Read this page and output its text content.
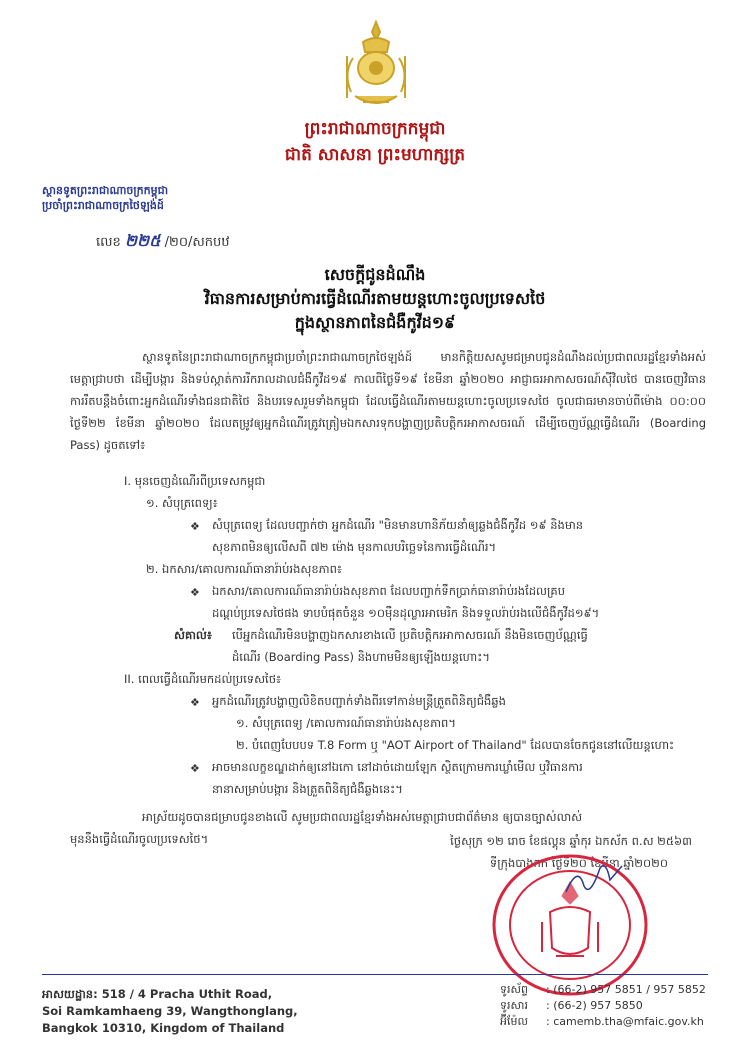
ព្រះរាជាណាចក្រកម្ពុជា
ជាតិ សាសនា ព្រះមហាក្សត្រ
ស្ថានទូតព្រះរាជាណាចក្រកម្ពុជា
ប្រចាំព្រះរាជាណាចក្រថៃឡង់ដ៍
លេខ ២២៥ /២០/សកបឋ
សេចក្ដីជូនដំណឹង
វិធានការសម្រាប់ការធ្វើដំណើរតាមយន្តហោះចូលប្រទេសថៃ
ក្នុងស្ថានភាពនៃជំងឺកូវីដ១៩
ស្ថានទូតនៃព្រះរាជាណាចក្រកម្ពុជាប្រចាំព្រះរាជាណាចក្រថៃឡង់ដ៍ មានកិត្តិយសសូមជម្រាបជូនដំណឹងដល់ប្រជាពលរដ្ឋខ្មែរទាំងអស់ មេត្តាជ្រាបថា ដើម្បីបង្ការ និងទប់ស្កាត់ការរីករាលដាលជំងឺកូវីដ១៩ កាលពីថ្ងៃទី១៩ ខែមីនា ឆ្នាំ២០២០ អាជ្ញាធរអាកាសចរណ៍ស៊ីវិលថៃ បានចេញវិធានការរឹតបន្ដឹងចំពោះអ្នកដំណើរទាំងជនជាតិថៃ និងបរទេសរួមទាំងកម្ពុជា ដែលធ្វើដំណើរតាមយន្តហោះចូលប្រទេសថៃ ចូលជាធរមានចាប់ពីម៉ោង ០០:០០ ថ្ងៃទី២២ ខែមីនា ឆ្នាំ២០២០ ដែលតម្រូវឲ្យអ្នកដំណើរត្រូវត្រៀមឯកសារទុកបង្ហាញប្រតិបត្តិករអាកាសចរណ៍ ដើម្បីចេញប័ណ្ណធ្វើដំណើរ (Boarding Pass) ដូចតទៅ៖
I. មុនចេញដំណើរពីប្រទេសកម្ពុជា
១. សំបុត្រពេទ្យ៖
❖ សំបុត្រពេទ្យ ដែលបញ្ជាក់ថា អ្នកដំណើរ "មិនមានហានិភ័យនាំឲ្យឆ្លងជំងឺកូវីដ ១៩ និងមាន
សុខភាពមិនឲ្យលើសពី ៧២ ម៉ោង មុនកាលបរិច្ឆេទនៃការធ្វើដំណើរ។
២. ឯកសារ/គោលការណ៍ធានារ៉ាប់រងសុខភាព៖
❖ ឯកសារ/គោលការណ៍ធានារ៉ាប់រងសុខភាព ដែលបញ្ជាក់ទឹកប្រាក់ធានារ៉ាប់រងដែលគ្រប
ដណ្ដប់ប្រទេសថៃផង ទាបបំផុតចំនួន ១០ម៉ឺនដុល្លារអាមេរិក និងទទួលរ៉ាប់រងលើជំងឺកូវីដ១៩។
សំគាល់៖ បើអ្នកដំណើរមិនបង្ហាញឯកសារខាងលើ ប្រតិបត្តិករអាកាសចរណ៍ នឹងមិនចេញប័ណ្ណធ្វើ
ដំណើរ (Boarding Pass) និងហាមមិនឲ្យឡើងយន្តហោះ។
II. ពេលធ្វើដំណើរមកដល់ប្រទេសថៃ៖
❖ អ្នកដំណើរត្រូវបង្ហាញលិខិតបញ្ជាក់ទាំងពីរទៅកាន់មន្ត្រីត្រួតពិនិត្យជំងឺឆ្លង
១. សំបុត្រពេទ្យ /គោលការណ៍ធានារ៉ាប់រងសុខភាព។
២. បំពេញបែបបទ T.8 Form ឬ "AOT Airport of Thailand" ដែលបានចែកជូននៅលើយន្តហោះ
❖ អាចមានលក្ខខណ្ឌដាក់ឲ្យនៅឯកោ នៅដាច់ដោយឡែក ស្ថិតក្រោមការឃ្លាំមើល ឬវិធានការ
នានាសម្រាប់បង្ការ និងត្រួតពិនិត្យជំងឺឆ្លងនេះ។
អាស្រ័យដូចបានជម្រាបជូនខាងលើ សូមប្រជាពលរដ្ឋខ្មែរទាំងអស់មេត្តាជ្រាបជាព័ត៌មាន ឲ្យបានច្បាស់លាស់
មុននឹងធ្វើដំណើរចូលប្រទេសថៃ។	ថ្ងៃសុក្រ ១២ រោច ខែផល្គុន ឆ្នាំកុរ ឯកស័ក ព.ស ២៥៦៣
ទីក្រុងបាងកក ថ្ងៃទី២០ ខែមីនា ឆ្នាំ២០២០
អាសយដ្ឋាន: 518 / 4 Pracha Uthit Road,
Soi Ramkamhaeng 39, Wangthonglang,
Bangkok 10310, Kingdom of Thailand
ទូរស័ព្ទ : (66-2) 957 5851 / 957 5852
ទូរសារ : (66-2) 957 5850
អ៊ីម៉ែល : camemb.tha@mfaic.gov.kh
